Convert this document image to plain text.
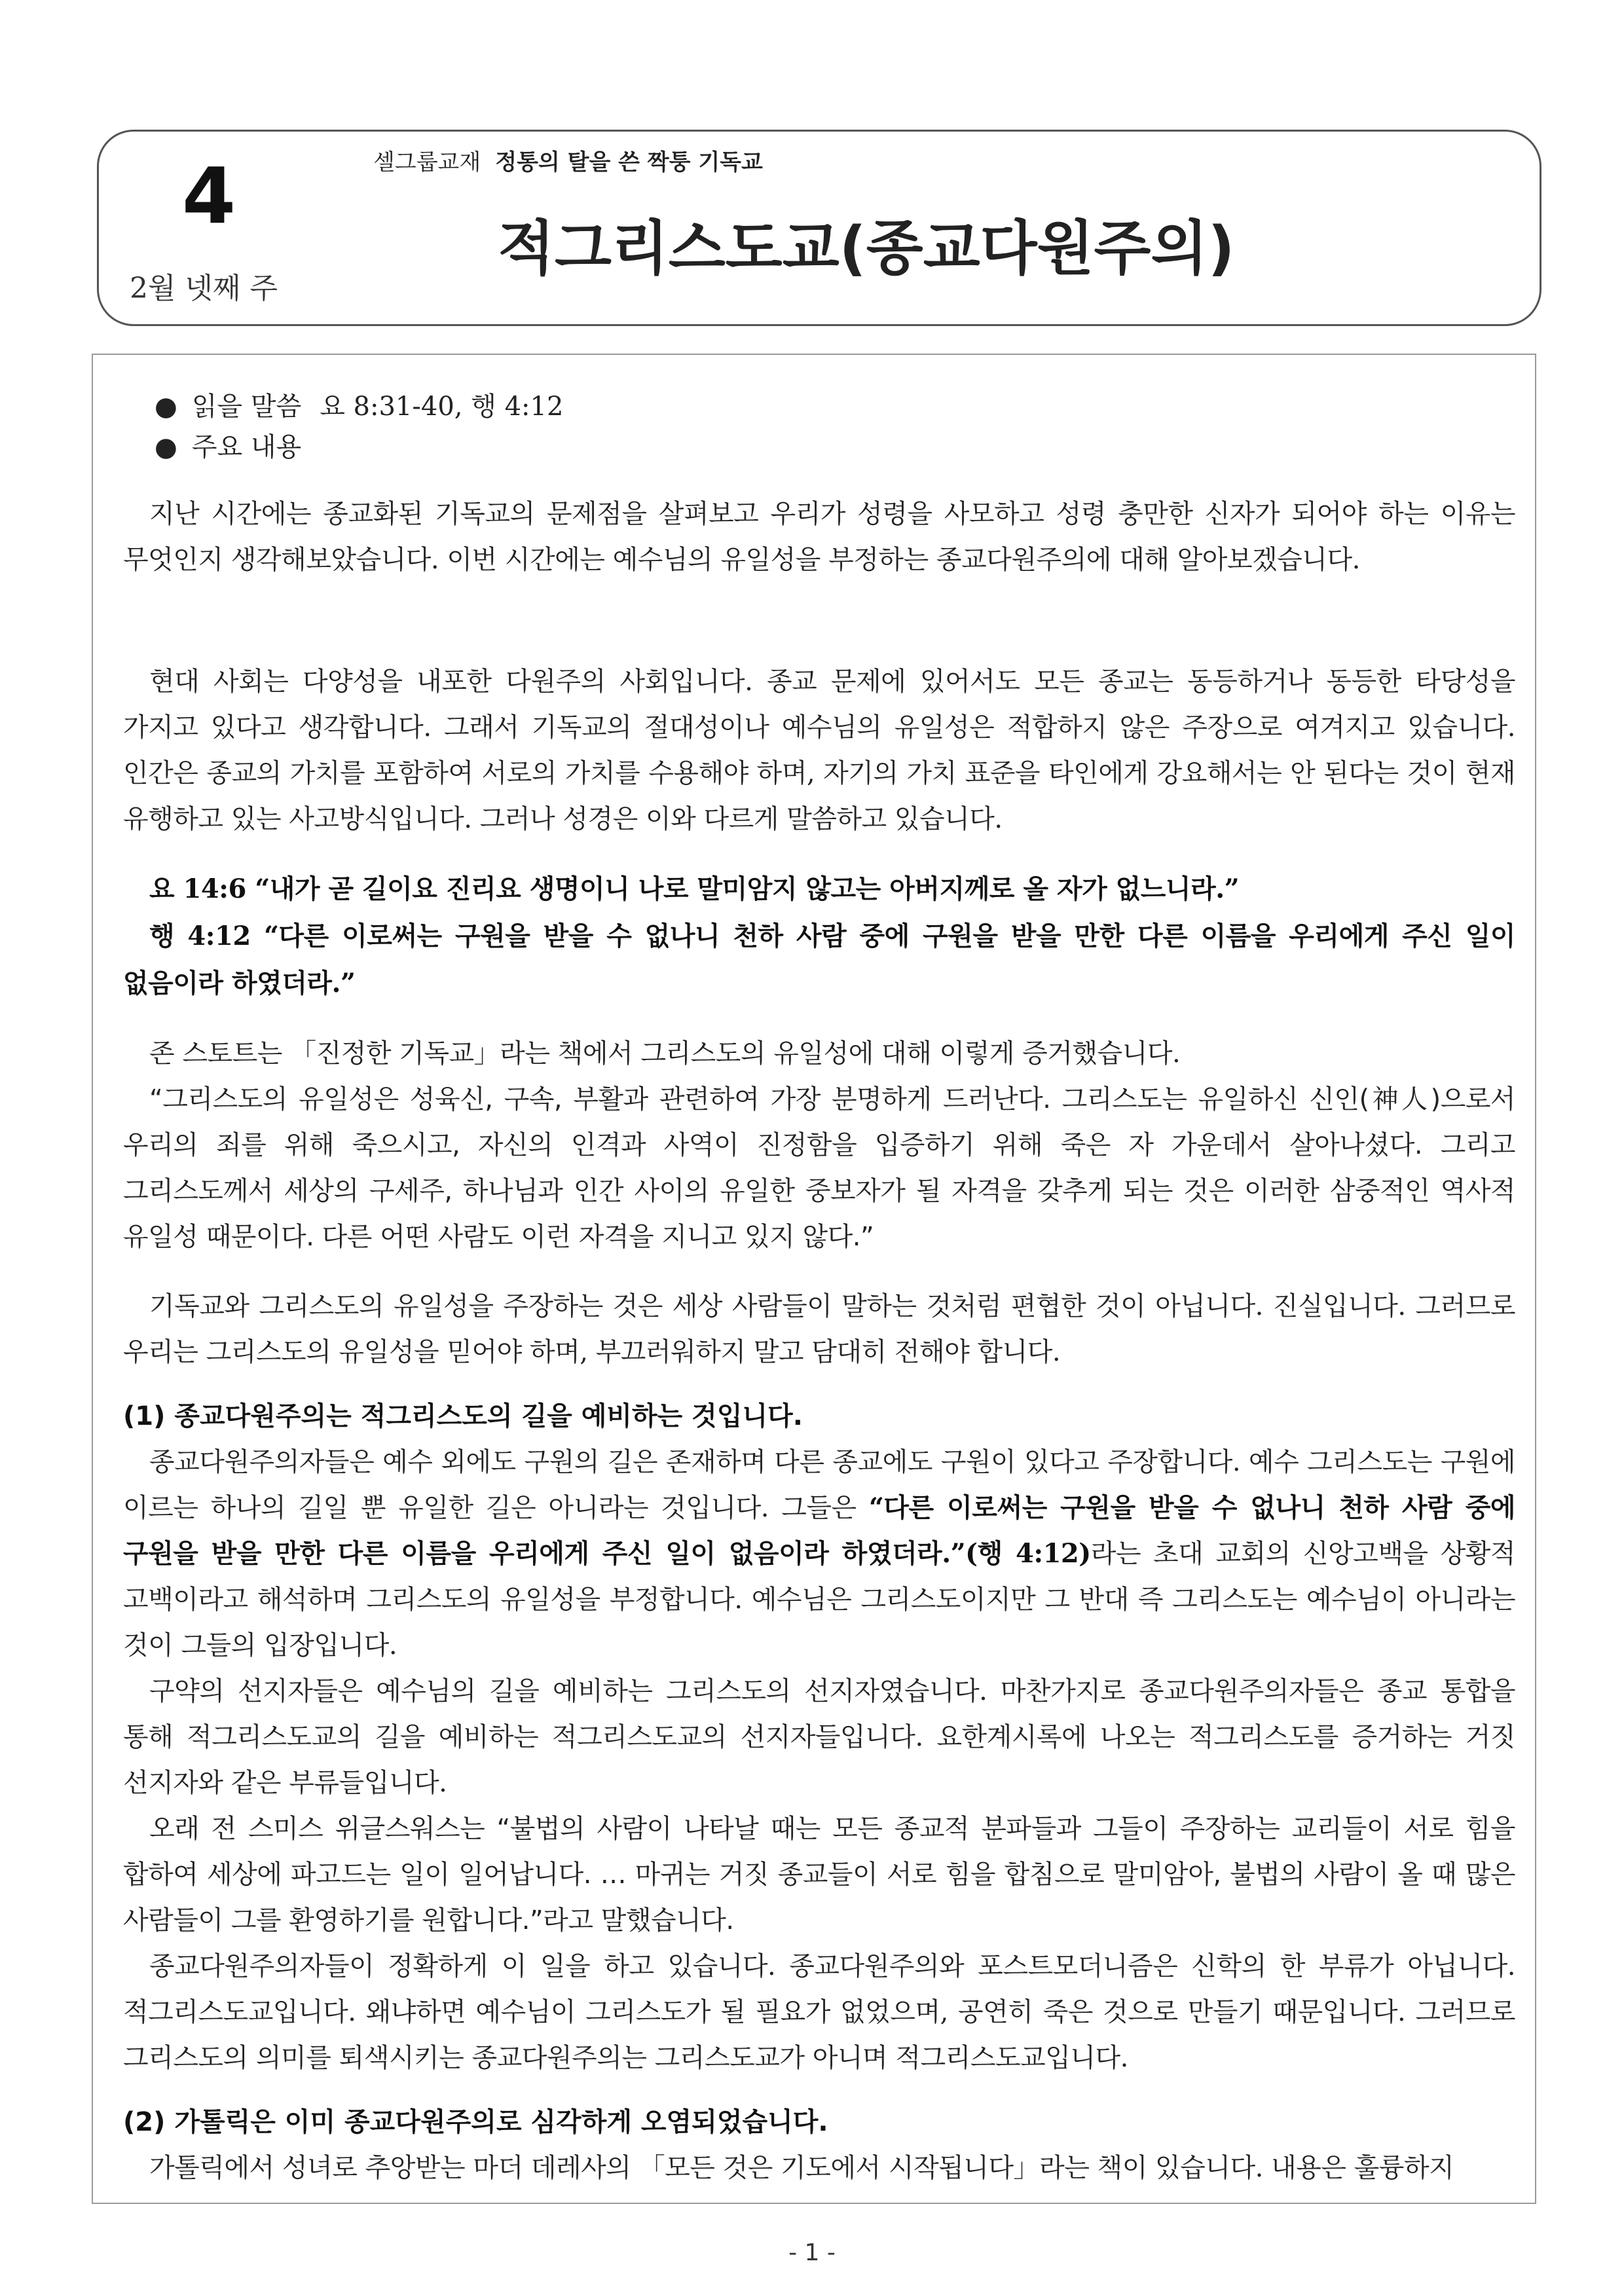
4
2월 넷째 주
셀그룹교재 정통의 탈을 쓴 짝퉁 기독교
적그리스도교(종교다원주의)
● 읽을 말씀 요 8:31-40, 행 4:12
● 주요 내용

지난 시간에는 종교화된 기독교의 문제점을 살펴보고 우리가 성령을 사모하고 성령 충만한 신자가 되어야 하는 이유는 무엇인지 생각해보았습니다. 이번 시간에는 예수님의 유일성을 부정하는 종교다원주의에 대해 알아보겠습니다.

현대 사회는 다양성을 내포한 다원주의 사회입니다. 종교 문제에 있어서도 모든 종교는 동등하거나 동등한 타당성을 가지고 있다고 생각합니다. 그래서 기독교의 절대성이나 예수님의 유일성은 적합하지 않은 주장으로 여겨지고 있습니다. 인간은 종교의 가치를 포함하여 서로의 가치를 수용해야 하며, 자기의 가치 표준을 타인에게 강요해서는 안 된다는 것이 현재 유행하고 있는 사고방식입니다. 그러나 성경은 이와 다르게 말씀하고 있습니다.

요 14:6 “내가 곧 길이요 진리요 생명이니 나로 말미암지 않고는 아버지께로 올 자가 없느니라.”

행 4:12 “다른 이로써는 구원을 받을 수 없나니 천하 사람 중에 구원을 받을 만한 다른 이름을 우리에게 주신 일이 없음이라 하였더라.”

존 스토트는 「진정한 기독교」라는 책에서 그리스도의 유일성에 대해 이렇게 증거했습니다.

“그리스도의 유일성은 성육신, 구속, 부활과 관련하여 가장 분명하게 드러난다. 그리스도는 유일하신 신인(神人)으로서 우리의 죄를 위해 죽으시고, 자신의 인격과 사역이 진정함을 입증하기 위해 죽은 자 가운데서 살아나셨다. 그리고 그리스도께서 세상의 구세주, 하나님과 인간 사이의 유일한 중보자가 될 자격을 갖추게 되는 것은 이러한 삼중적인 역사적 유일성 때문이다. 다른 어떤 사람도 이런 자격을 지니고 있지 않다.”

기독교와 그리스도의 유일성을 주장하는 것은 세상 사람들이 말하는 것처럼 편협한 것이 아닙니다. 진실입니다. 그러므로 우리는 그리스도의 유일성을 믿어야 하며, 부끄러워하지 말고 담대히 전해야 합니다.

(1) 종교다원주의는 적그리스도의 길을 예비하는 것입니다.

종교다원주의자들은 예수 외에도 구원의 길은 존재하며 다른 종교에도 구원이 있다고 주장합니다. 예수 그리스도는 구원에 이르는 하나의 길일 뿐 유일한 길은 아니라는 것입니다. 그들은 “다른 이로써는 구원을 받을 수 없나니 천하 사람 중에 구원을 받을 만한 다른 이름을 우리에게 주신 일이 없음이라 하였더라.”(행 4:12)라는 초대 교회의 신앙고백을 상황적 고백이라고 해석하며 그리스도의 유일성을 부정합니다. 예수님은 그리스도이지만 그 반대 즉 그리스도는 예수님이 아니라는 것이 그들의 입장입니다.

구약의 선지자들은 예수님의 길을 예비하는 그리스도의 선지자였습니다. 마찬가지로 종교다원주의자들은 종교 통합을 통해 적그리스도교의 길을 예비하는 적그리스도교의 선지자들입니다. 요한계시록에 나오는 적그리스도를 증거하는 거짓 선지자와 같은 부류들입니다.

오래 전 스미스 위글스워스는 “불법의 사람이 나타날 때는 모든 종교적 분파들과 그들이 주장하는 교리들이 서로 힘을 합하여 세상에 파고드는 일이 일어납니다. … 마귀는 거짓 종교들이 서로 힘을 합침으로 말미암아, 불법의 사람이 올 때 많은 사람들이 그를 환영하기를 원합니다.”라고 말했습니다.

종교다원주의자들이 정확하게 이 일을 하고 있습니다. 종교다원주의와 포스트모더니즘은 신학의 한 부류가 아닙니다. 적그리스도교입니다. 왜냐하면 예수님이 그리스도가 될 필요가 없었으며, 공연히 죽은 것으로 만들기 때문입니다. 그러므로 그리스도의 의미를 퇴색시키는 종교다원주의는 그리스도교가 아니며 적그리스도교입니다.

(2) 가톨릭은 이미 종교다원주의로 심각하게 오염되었습니다.

가톨릭에서 성녀로 추앙받는 마더 데레사의 「모든 것은 기도에서 시작됩니다」라는 책이 있습니다. 내용은 훌륭하지

- 1 -
